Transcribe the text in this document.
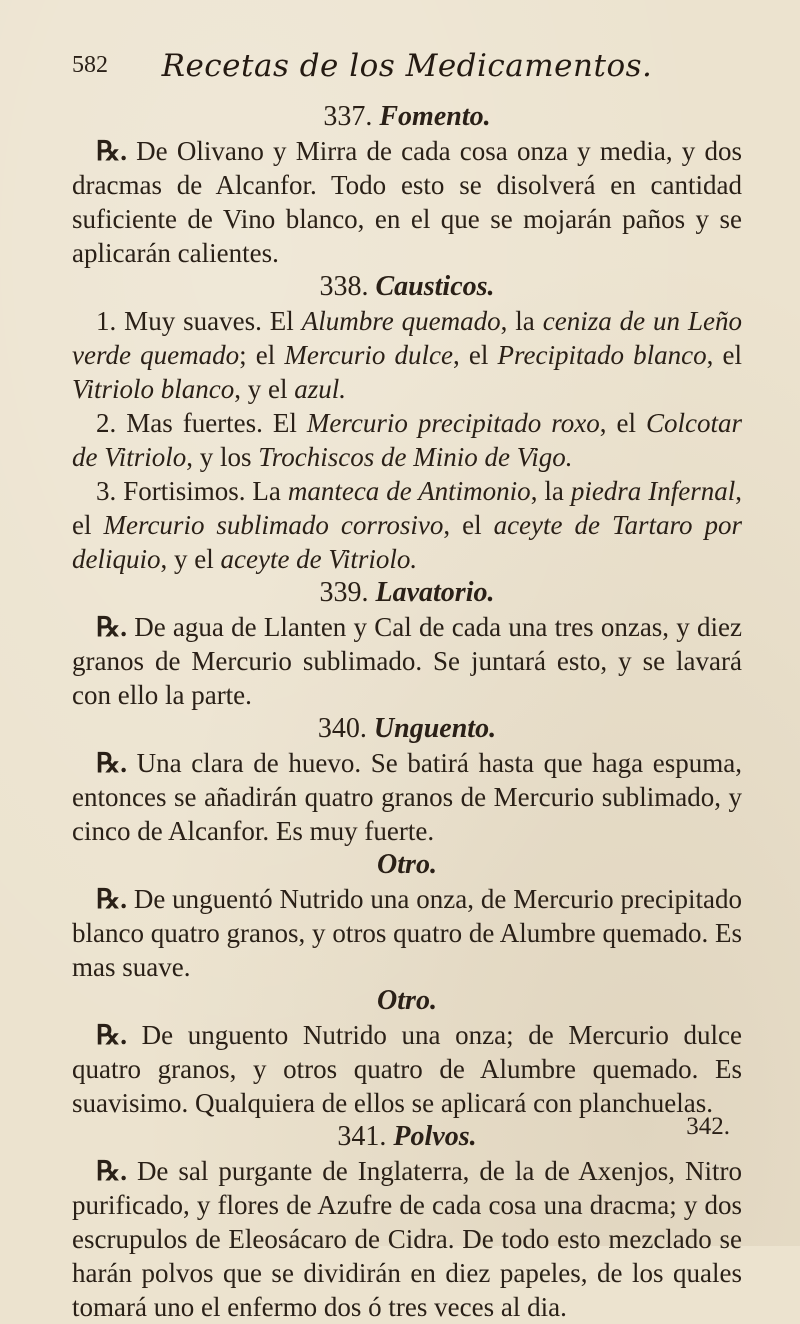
582	Recetas de los Medicamentos.

337. Fomento.

℞. De Olivano y Mirra de cada cosa onza y media, y dos dracmas de Alcanfor. Todo esto se disolverá en cantidad suficiente de Vino blanco, en el que se mojarán paños y se aplicarán calientes.

338. Causticos.

1. Muy suaves. El Alumbre quemado, la ceniza de un Leño verde quemado; el Mercurio dulce, el Precipitado blanco, el Vitriolo blanco, y el azul.

2. Mas fuertes. El Mercurio precipitado roxo, el Colcotar de Vitriolo, y los Trochiscos de Minio de Vigo.

3. Fortisimos. La manteca de Antimonio, la piedra Infernal, el Mercurio sublimado corrosivo, el aceyte de Tartaro por deliquio, y el aceyte de Vitriolo.

339. Lavatorio.

℞. De agua de Llanten y Cal de cada una tres onzas, y diez granos de Mercurio sublimado. Se juntará esto, y se lavará con ello la parte.

340. Unguento.

℞. Una clara de huevo. Se batirá hasta que haga espuma, entonces se añadirán quatro granos de Mercurio sublimado, y cinco de Alcanfor. Es muy fuerte.

Otro.

℞. De unguentó Nutrido una onza, de Mercurio precipitado blanco quatro granos, y otros quatro de Alumbre quemado. Es mas suave.

Otro.

℞. De unguento Nutrido una onza; de Mercurio dulce quatro granos, y otros quatro de Alumbre quemado. Es suavisimo. Qualquiera de ellos se aplicará con planchuelas.

341. Polvos.

℞. De sal purgante de Inglaterra, de la de Axenjos, Nitro purificado, y flores de Azufre de cada cosa una dracma; y dos escrupulos de Eleosácaro de Cidra. De todo esto mezclado se harán polvos que se dividirán en diez papeles, de los quales tomará uno el enfermo dos ó tres veces al dia.

342.
